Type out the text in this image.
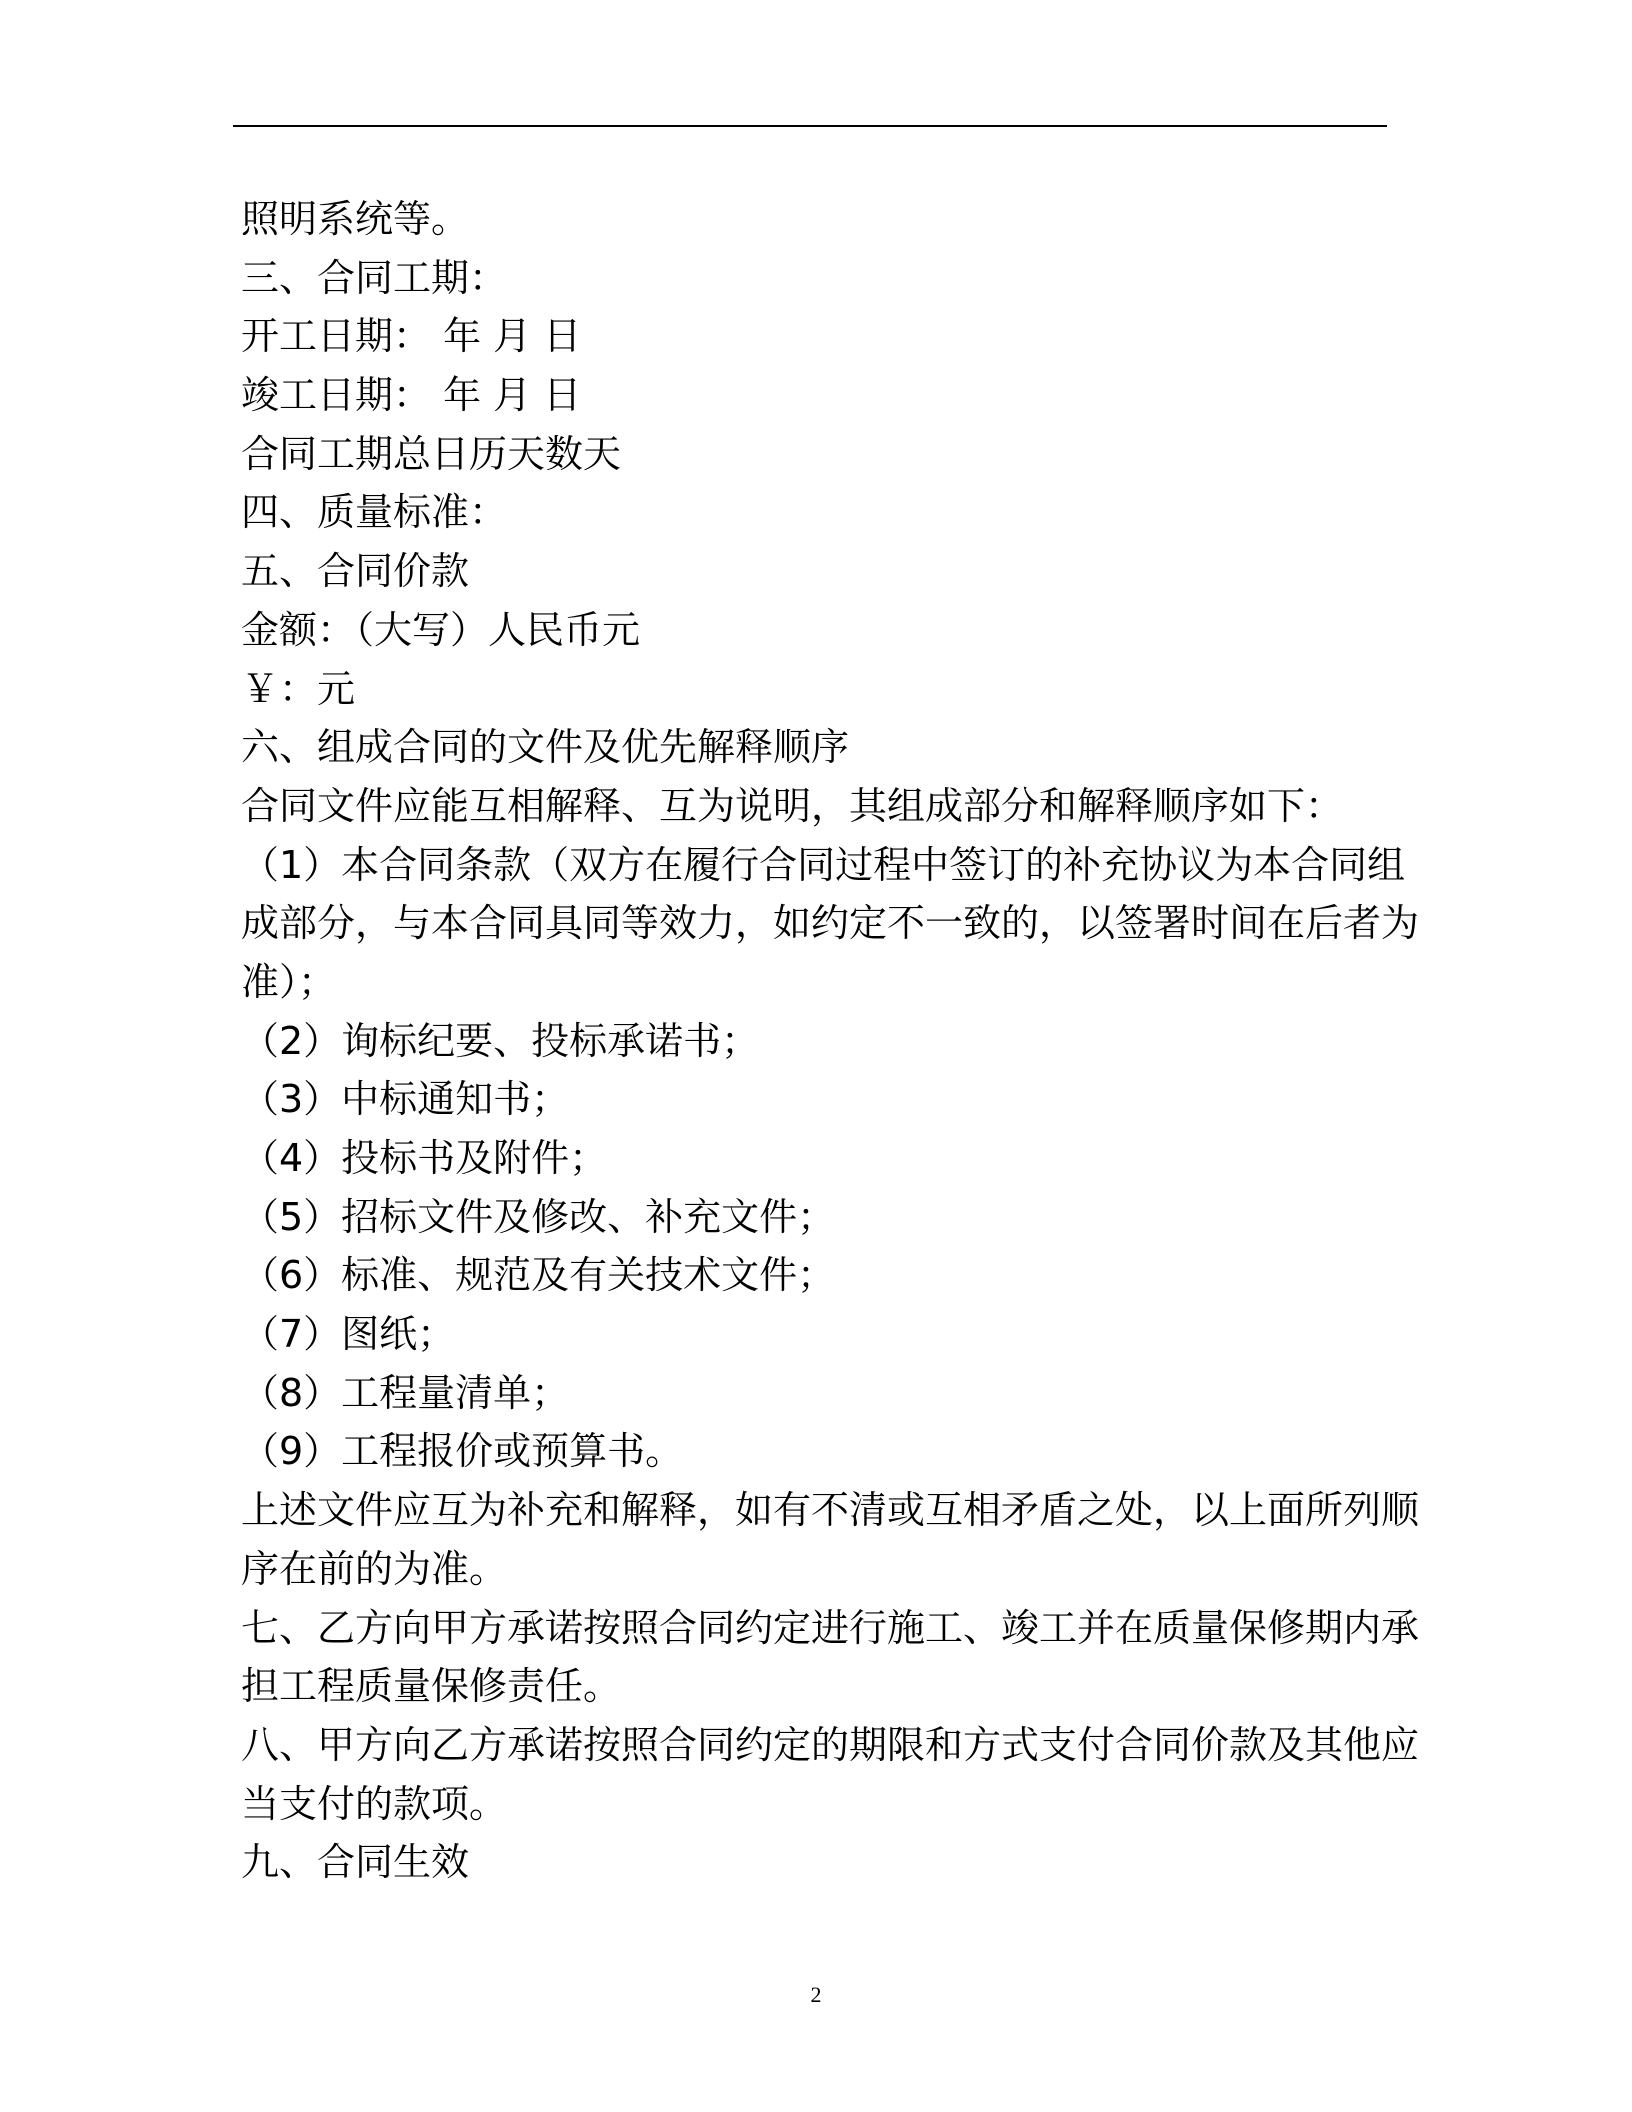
照明系统等。
三、合同工期：
开工日期： 年 月 日
竣工日期： 年 月 日
合同工期总日历天数天
四、质量标准：
五、合同价款
金额：（大写）人民币元
￥：元
六、组成合同的文件及优先解释顺序
合同文件应能互相解释、互为说明，其组成部分和解释顺序如下：
（1）本合同条款（双方在履行合同过程中签订的补充协议为本合同组
成部分，与本合同具同等效力，如约定不一致的，以签署时间在后者为
准）；
（2）询标纪要、投标承诺书；
（3）中标通知书；
（4）投标书及附件；
（5）招标文件及修改、补充文件；
（6）标准、规范及有关技术文件；
（7）图纸；
（8）工程量清单；
（9）工程报价或预算书。
上述文件应互为补充和解释，如有不清或互相矛盾之处，以上面所列顺
序在前的为准。
七、乙方向甲方承诺按照合同约定进行施工、竣工并在质量保修期内承
担工程质量保修责任。
八、甲方向乙方承诺按照合同约定的期限和方式支付合同价款及其他应
当支付的款项。
九、合同生效
2
